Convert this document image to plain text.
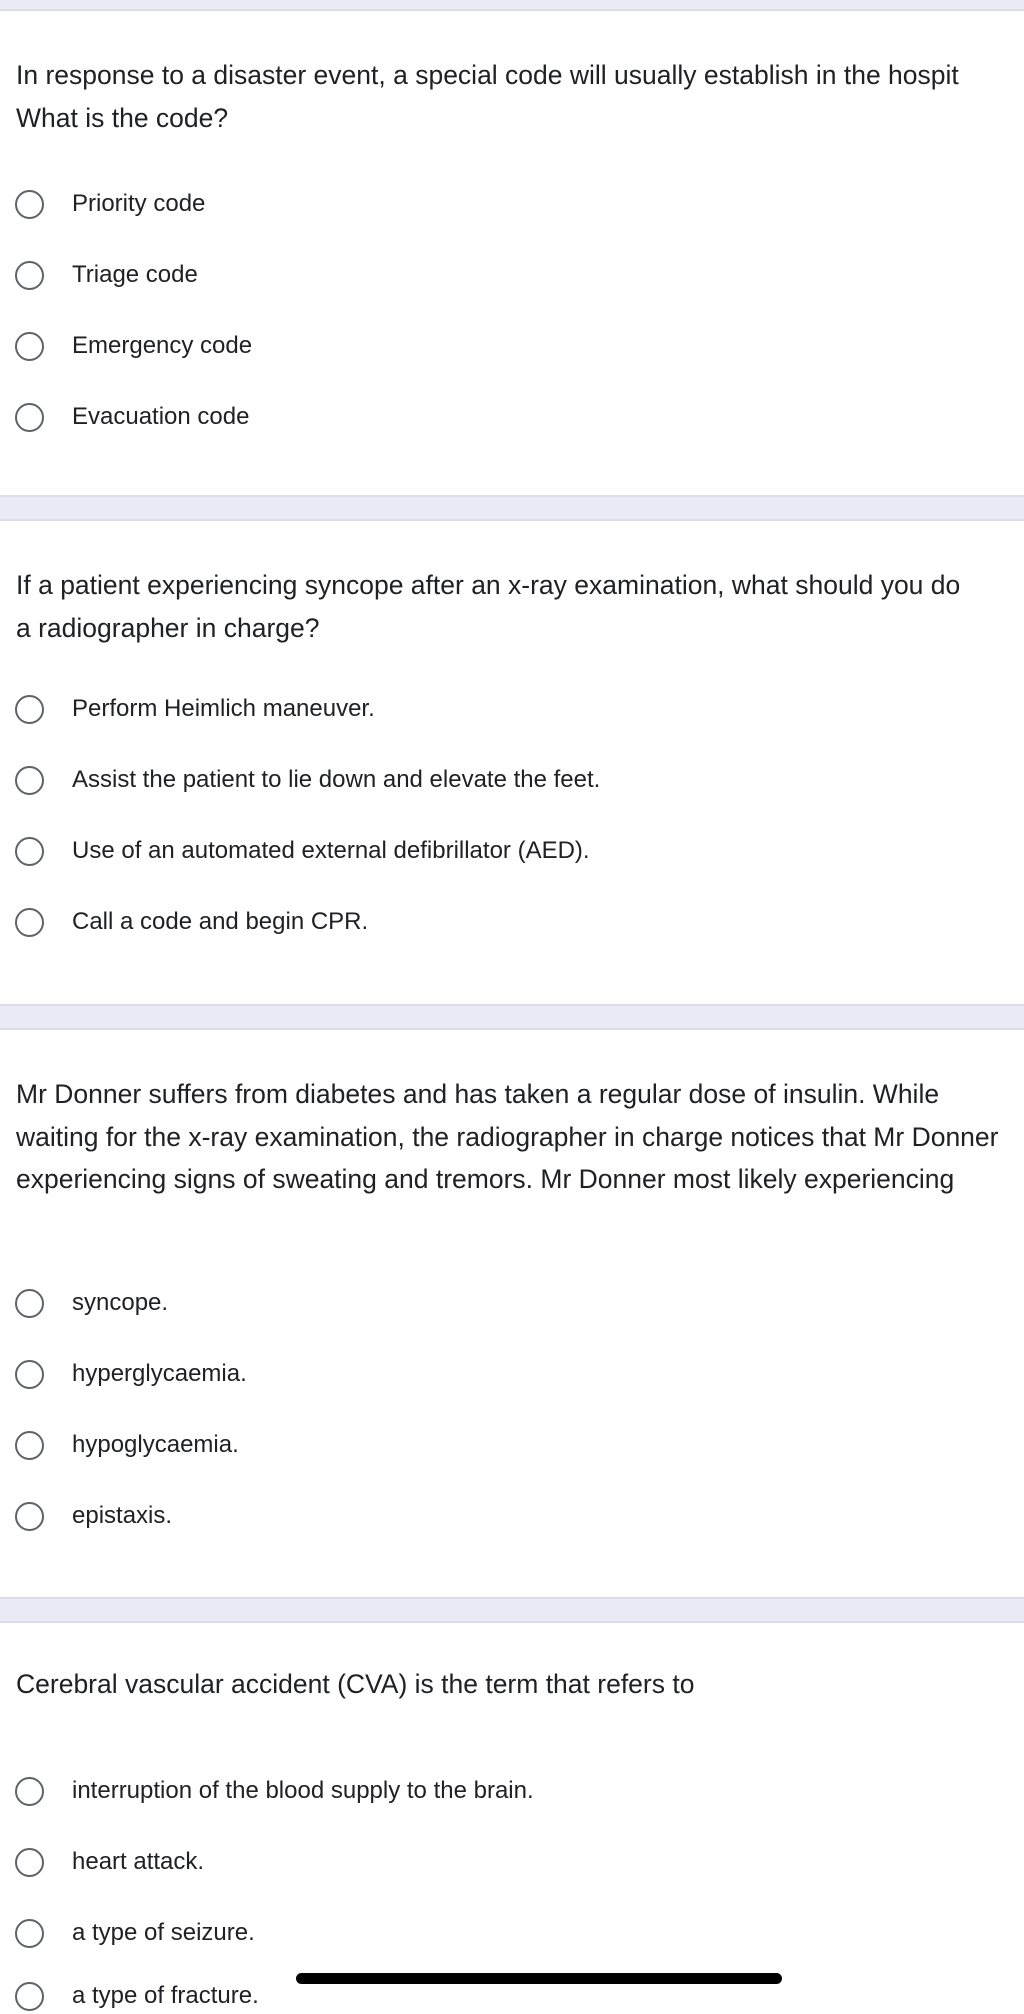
In response to a disaster event, a special code will usually establish in the hospit
What is the code?
Priority code
Triage code
Emergency code
Evacuation code
If a patient experiencing syncope after an x-ray examination, what should you do
a radiographer in charge?
Perform Heimlich maneuver.
Assist the patient to lie down and elevate the feet.
Use of an automated external defibrillator (AED).
Call a code and begin CPR.
Mr Donner suffers from diabetes and has taken a regular dose of insulin. While waiting for the x-ray examination, the radiographer in charge notices that Mr Donner experiencing signs of sweating and tremors. Mr Donner most likely experiencing
syncope.
hyperglycaemia.
hypoglycaemia.
epistaxis.
Cerebral vascular accident (CVA) is the term that refers to
interruption of the blood supply to the brain.
heart attack.
a type of seizure.
a type of fracture.
